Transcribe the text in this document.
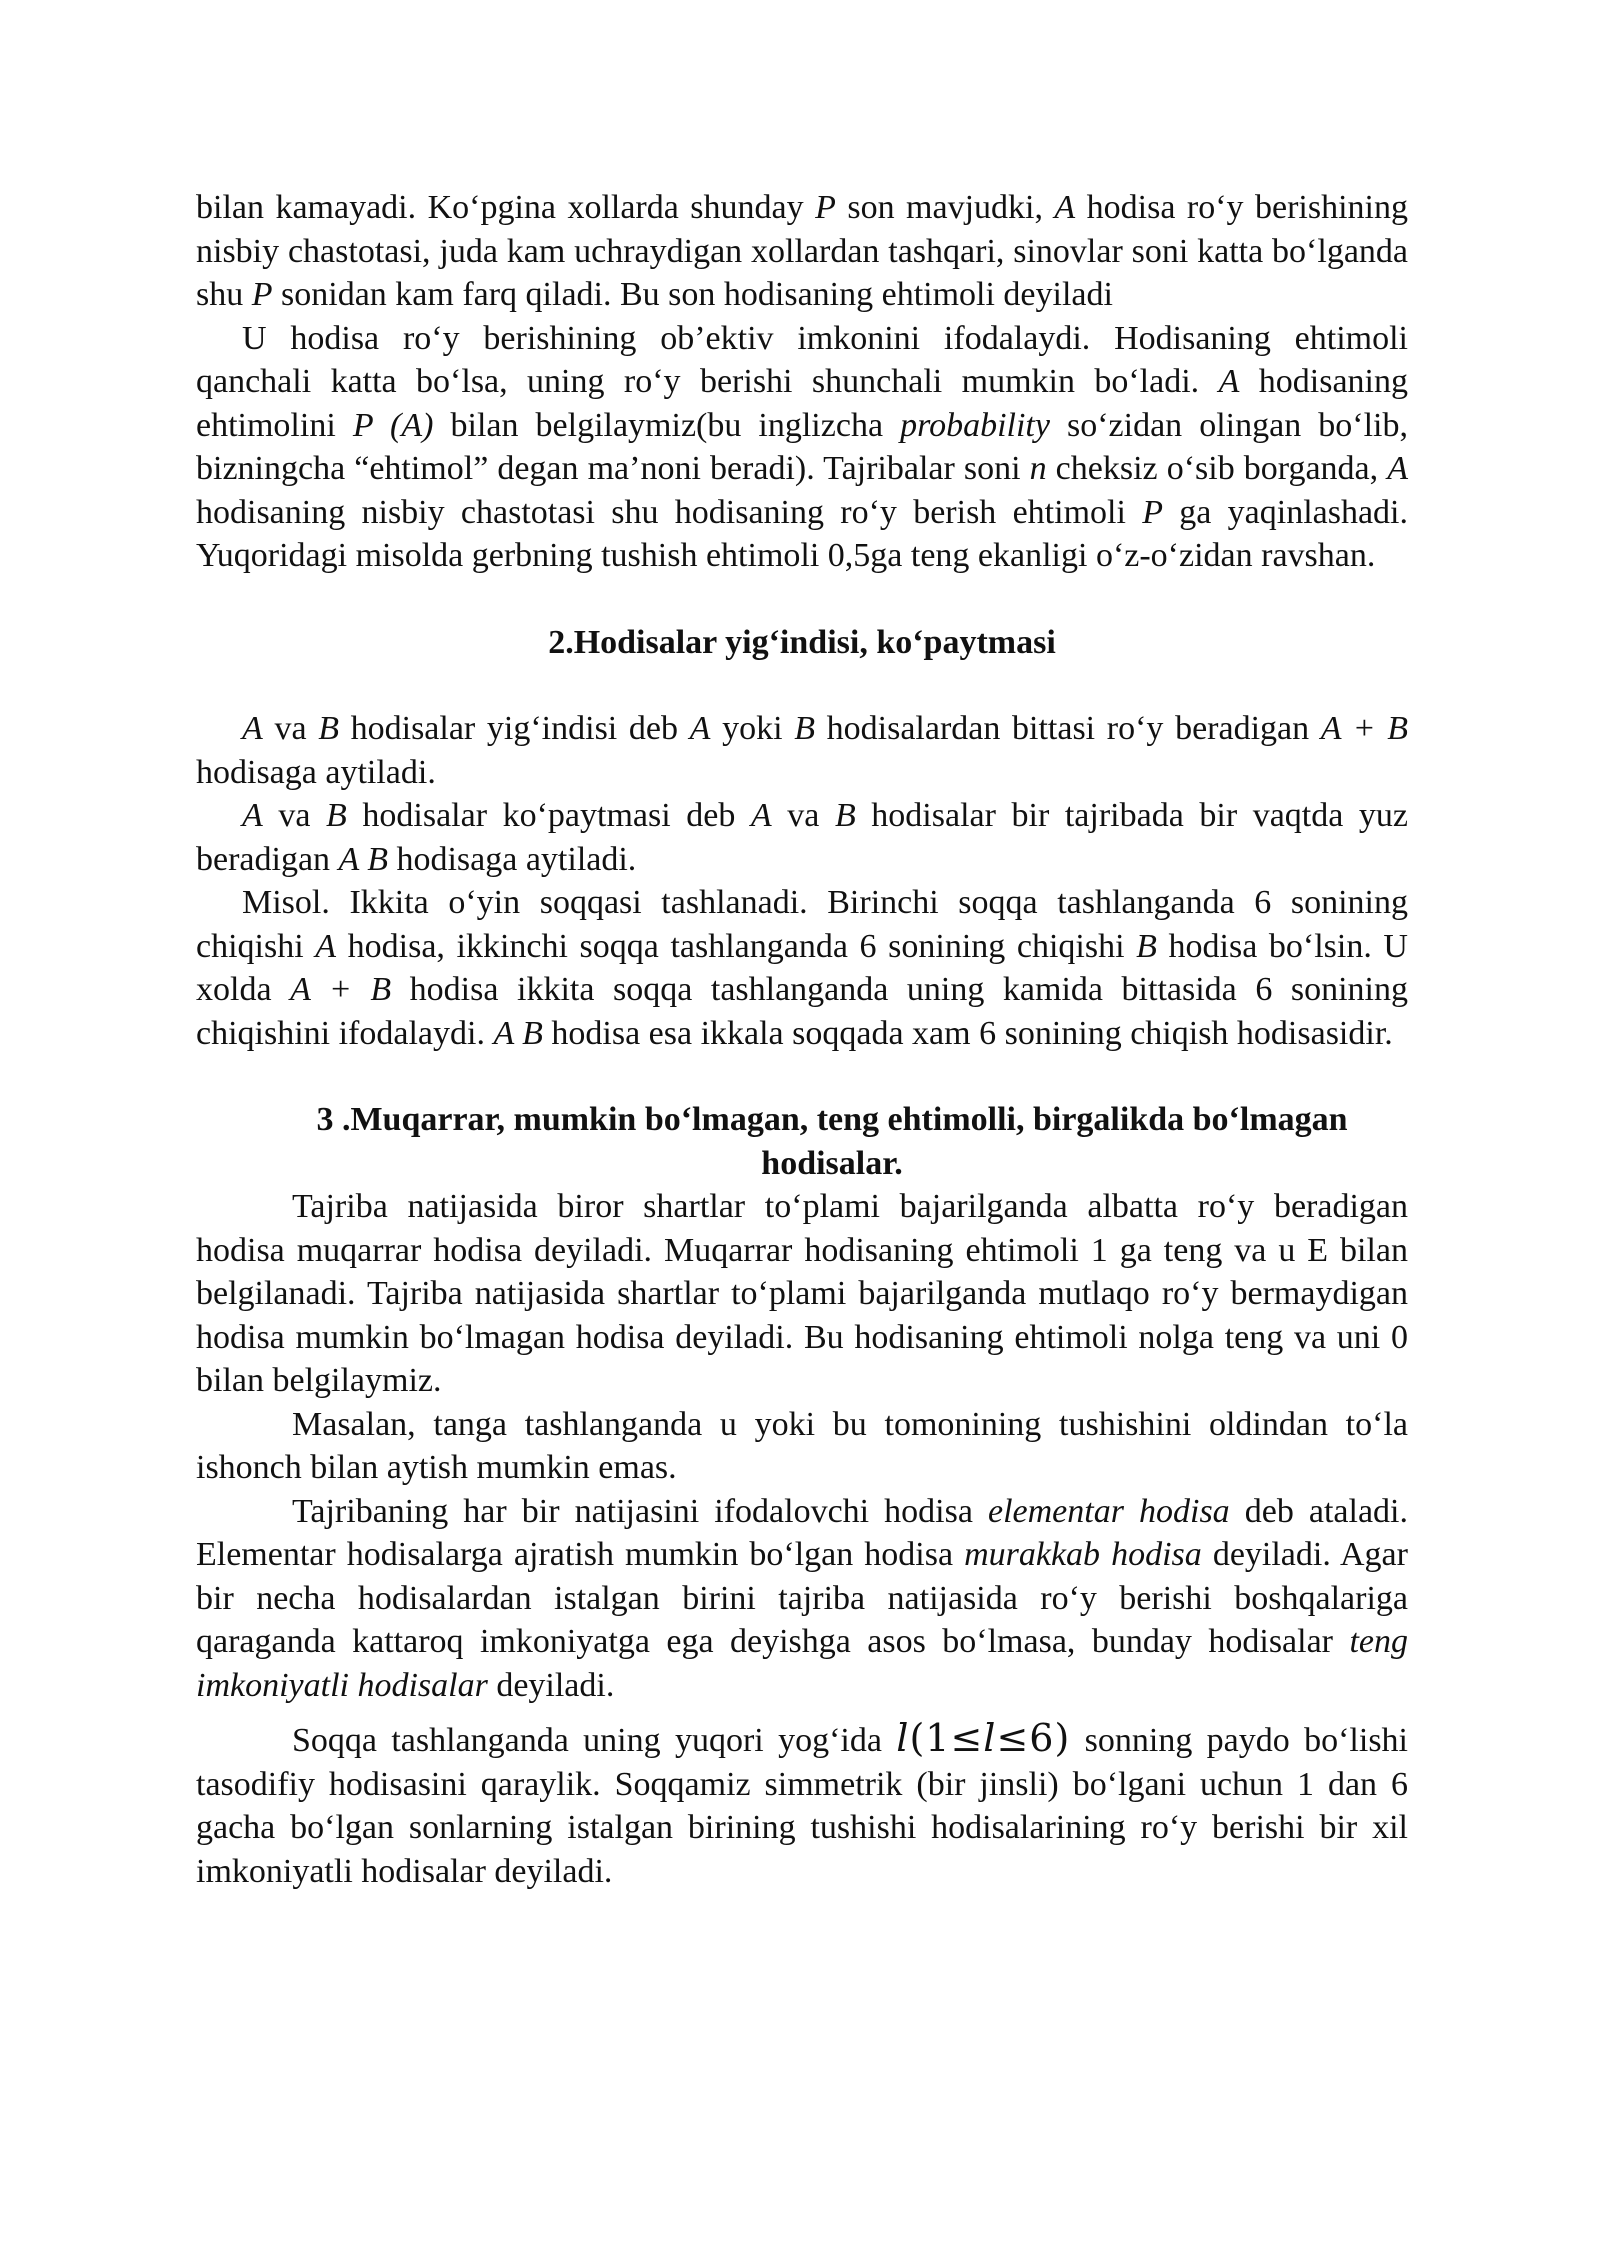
bilan kamayadi. Ko‘pgina xollarda shunday P son mavjudki, A hodisa ro‘y berishining nisbiy chastotasi, juda kam uchraydigan xollardan tashqari, sinovlar soni katta bo‘lganda shu P sonidan kam farq qiladi. Bu son hodisaning ehtimoli deyiladi

U hodisa ro‘y berishining ob’ektiv imkonini ifodalaydi. Hodisaning ehtimoli qanchali katta bo‘lsa, uning ro‘y berishi shunchali mumkin bo‘ladi. A hodisaning ehtimolini P (A) bilan belgilaymiz(bu inglizcha probability so‘zidan olingan bo‘lib, bizningcha “ehtimol” degan ma’noni beradi). Tajribalar soni n cheksiz o‘sib borganda, A hodisaning nisbiy chastotasi shu hodisaning ro‘y berish ehtimoli P ga yaqinlashadi. Yuqoridagi misolda gerbning tushish ehtimoli 0,5ga teng ekanligi o‘z-o‘zidan ravshan.

2.Hodisalar yig‘indisi, ko‘paytmasi

A va B hodisalar yig‘indisi deb A yoki B hodisalardan bittasi ro‘y beradigan A + B hodisaga aytiladi.

A va B hodisalar ko‘paytmasi deb A va B hodisalar bir tajribada bir vaqtda yuz beradigan A B hodisaga aytiladi.

Misol. Ikkita o‘yin soqqasi tashlanadi. Birinchi soqqa tashlanganda 6 sonining chiqishi A hodisa, ikkinchi soqqa tashlanganda 6 sonining chiqishi B hodisa bo‘lsin. U xolda A + B hodisa ikkita soqqa tashlanganda uning kamida bittasida 6 sonining chiqishini ifodalaydi. A B hodisa esa ikkala soqqada xam 6 sonining chiqish hodisasidir.

3 .Muqarrar, mumkin bo‘lmagan, teng ehtimolli, birgalikda bo‘lmagan
hodisalar.

Tajriba natijasida biror shartlar to‘plami bajarilganda albatta ro‘y beradigan hodisa muqarrar hodisa deyiladi. Muqarrar hodisaning ehtimoli 1 ga teng va u E bilan belgilanadi. Tajriba natijasida shartlar to‘plami bajarilganda mutlaqo ro‘y bermaydigan hodisa mumkin bo‘lmagan hodisa deyiladi. Bu hodisaning ehtimoli nolga teng va uni 0 bilan belgilaymiz.

Masalan, tanga tashlanganda u yoki bu tomonining tushishini oldindan to‘la ishonch bilan aytish mumkin emas.

Tajribaning har bir natijasini ifodalovchi hodisa elementar hodisa deb ataladi. Elementar hodisalarga ajratish mumkin bo‘lgan hodisa murakkab hodisa deyiladi. Agar bir necha hodisalardan istalgan birini tajriba natijasida ro‘y berishi boshqalariga qaraganda kattaroq imkoniyatga ega deyishga asos bo‘lmasa, bunday hodisalar teng imkoniyatli hodisalar deyiladi.

Soqqa tashlanganda uning yuqori yog‘ida l(1≤l≤6) sonning paydo bo‘lishi tasodifiy hodisasini qaraylik. Soqqamiz simmetrik (bir jinsli) bo‘lgani uchun 1 dan 6 gacha bo‘lgan sonlarning istalgan birining tushishi hodisalarining ro‘y berishi bir xil imkoniyatli hodisalar deyiladi.
